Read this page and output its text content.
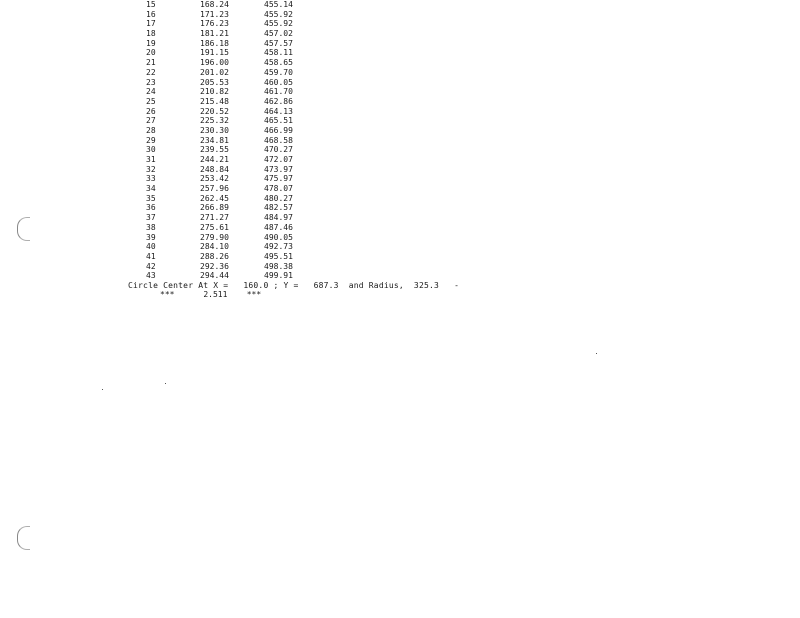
15	168.24	455.14
16	171.23	455.92
17	176.23	455.92
18	181.21	457.02
19	186.18	457.57
20	191.15	458.11
21	196.00	458.65
22	201.02	459.70
23	205.53	460.05
24	210.82	461.70
25	215.48	462.86
26	220.52	464.13
27	225.32	465.51
28	230.30	466.99
29	234.81	468.58
30	239.55	470.27
31	244.21	472.07
32	248.84	473.97
33	253.42	475.97
34	257.96	478.07
35	262.45	480.27
36	266.89	482.57
37	271.27	484.97
38	275.61	487.46
39	279.90	490.05
40	284.10	492.73
41	288.26	495.51
42	292.36	498.38
43	294.44	499.91
Circle Center At X =   160.0 ; Y =   687.3  and Radius,  325.3   -
***      2.511    ***
